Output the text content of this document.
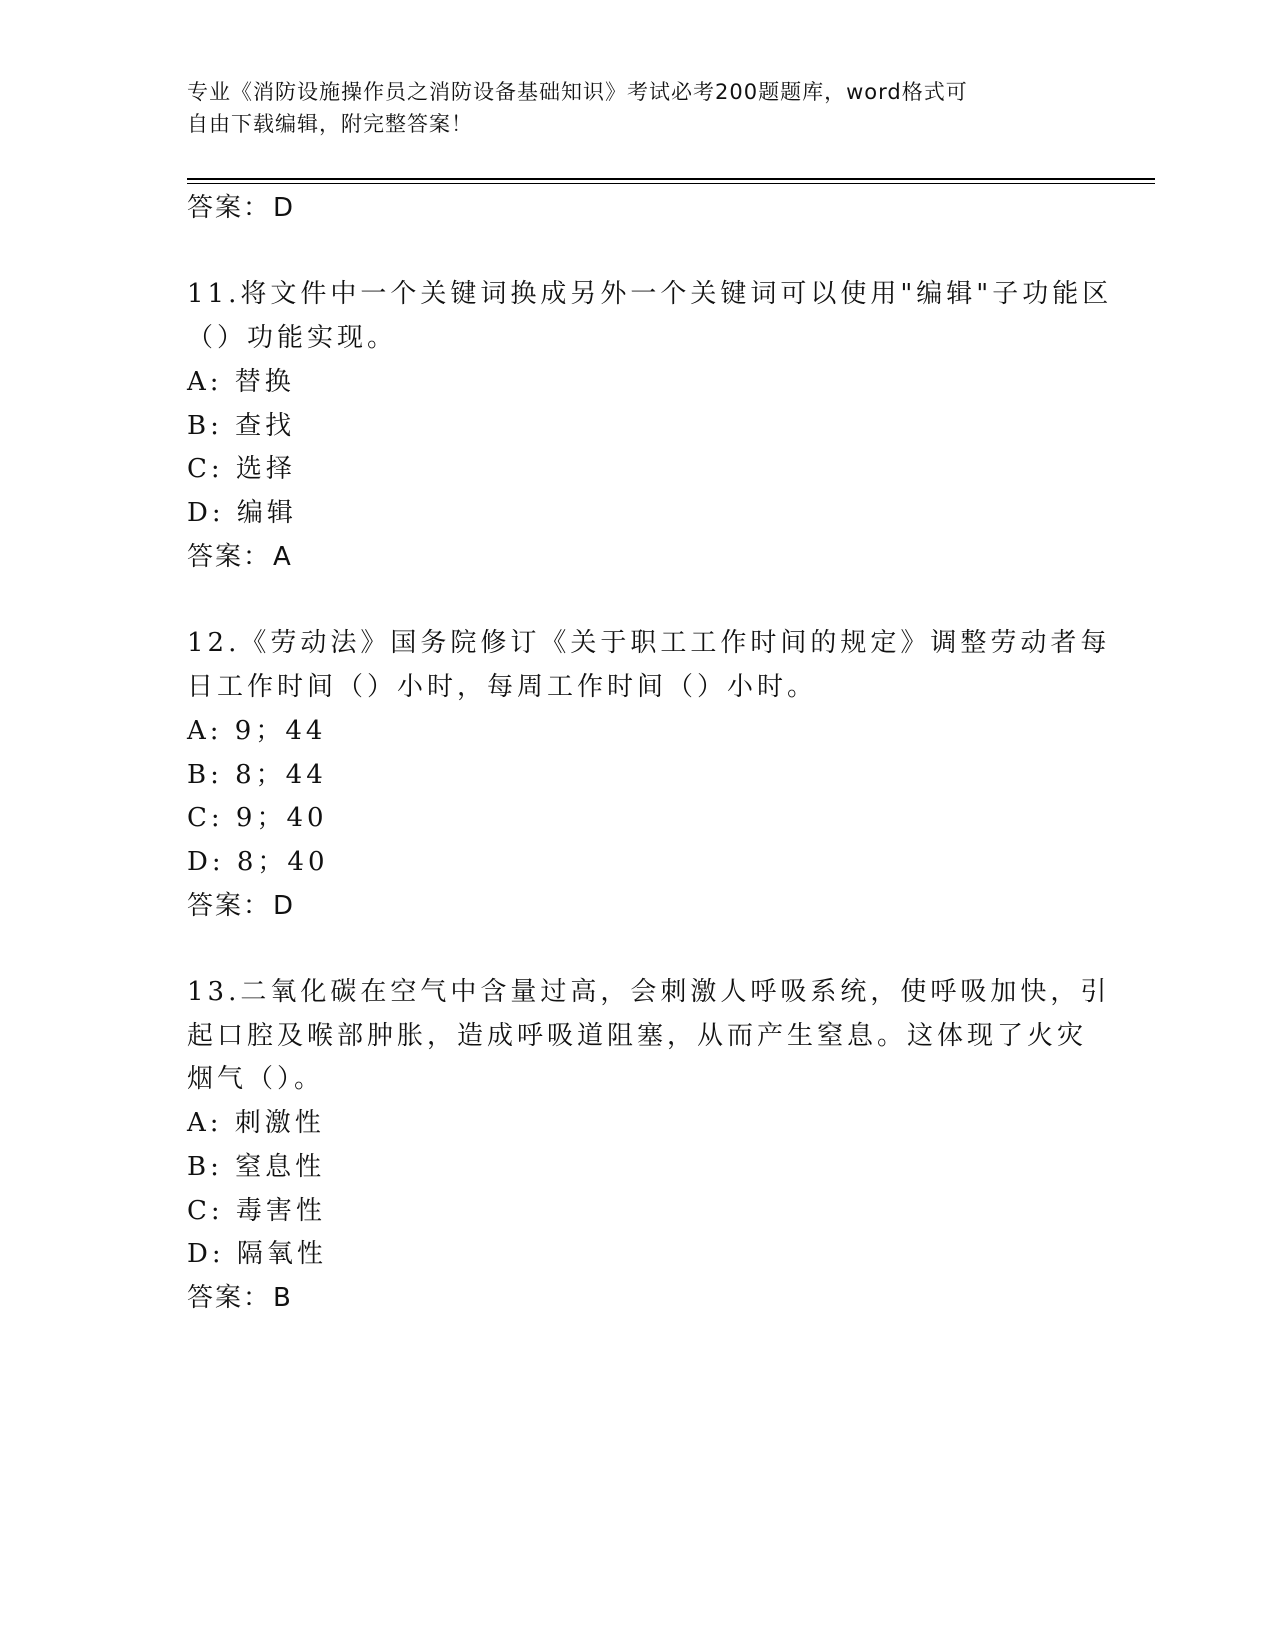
专业《消防设施操作员之消防设备基础知识》考试必考200题题库，word格式可
自由下载编辑，附完整答案！
答案：D
11.将文件中一个关键词换成另外一个关键词可以使用"编辑"子功能区
（）功能实现。
A: 替换
B: 查找
C: 选择
D: 编辑
答案：A
12.《劳动法》国务院修订《关于职工工作时间的规定》调整劳动者每
日工作时间（）小时，每周工作时间（）小时。
A: 9；44
B: 8；44
C: 9；40
D: 8；40
答案：D
13.二氧化碳在空气中含量过高，会刺激人呼吸系统，使呼吸加快，引
起口腔及喉部肿胀，造成呼吸道阻塞，从而产生窒息。这体现了火灾
烟气（）。
A: 刺激性
B: 窒息性
C: 毒害性
D: 隔氧性
答案：B
